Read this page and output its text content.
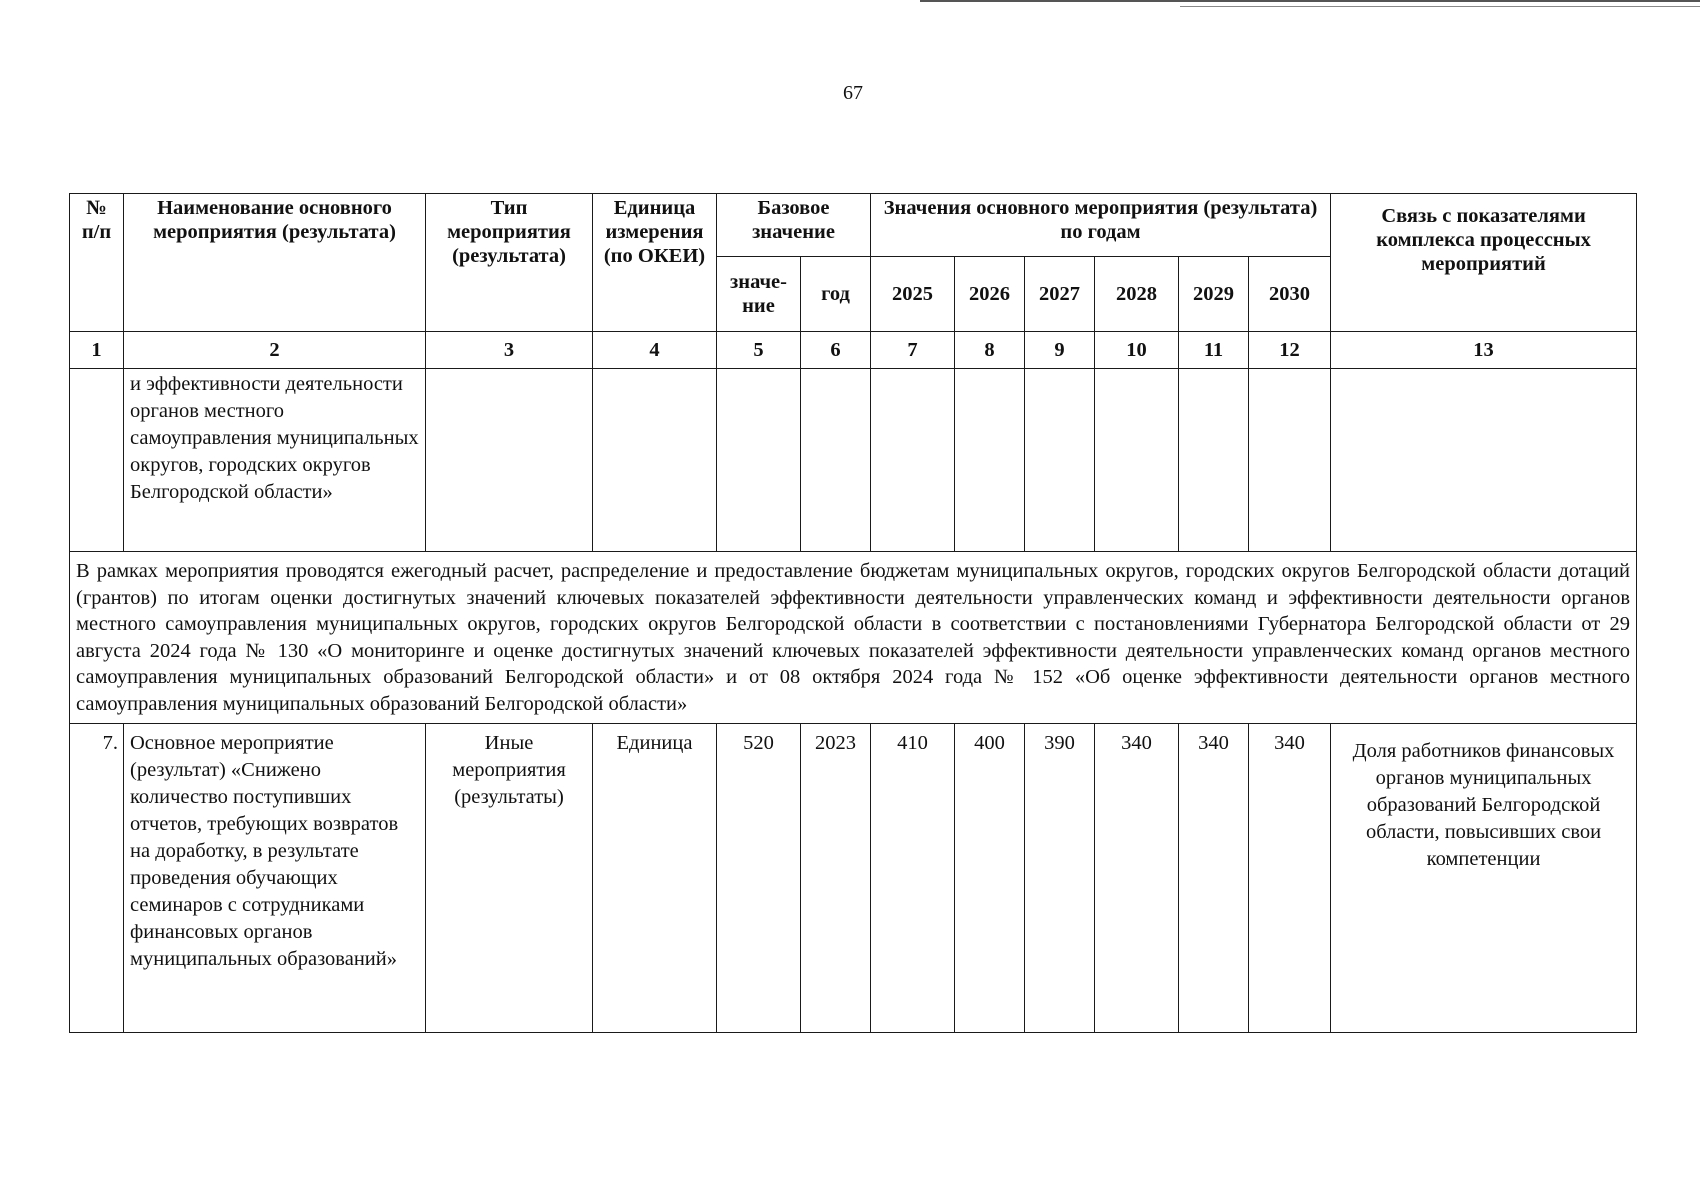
67
№ п/п	Наименование основного мероприятия (результата)	Тип мероприятия (результата)	Единица измерения (по ОКЕИ)	Базовое значение		Значения основного мероприятия (результата) по годам						Связь с показателями комплекса процессных мероприятий
				значе-ние	год	2025	2026	2027	2028	2029	2030	
1	2	3	4	5	6	7	8	9	10	11	12	13
	и эффективности деятельности органов местного самоуправления муниципальных округов, городских округов Белгородской области»											
В рамках мероприятия проводятся ежегодный расчет, распределение и предоставление бюджетам муниципальных округов, городских округов Белгородской области дотаций (грантов) по итогам оценки достигнутых значений ключевых показателей эффективности деятельности управленческих команд и эффективности деятельности органов местного самоуправления муниципальных округов, городских округов Белгородской области в соответствии с постановлениями Губернатора Белгородской области от 29 августа 2024 года № 130 «О мониторинге и оценке достигнутых значений ключевых показателей эффективности деятельности управленческих команд органов местного самоуправления муниципальных образований Белгородской области» и от 08 октября 2024 года № 152 «Об оценке эффективности деятельности органов местного самоуправления муниципальных образований Белгородской области»												
7.	Основное мероприятие (результат) «Снижено количество поступивших отчетов, требующих возвратов на доработку, в результате проведения обучающих семинаров с сотрудниками финансовых органов муниципальных образований»	Иные мероприятия (результаты)	Единица	520	2023	410	400	390	340	340	340	Доля работников финансовых органов муниципальных образований Белгородской области, повысивших свои компетенции
